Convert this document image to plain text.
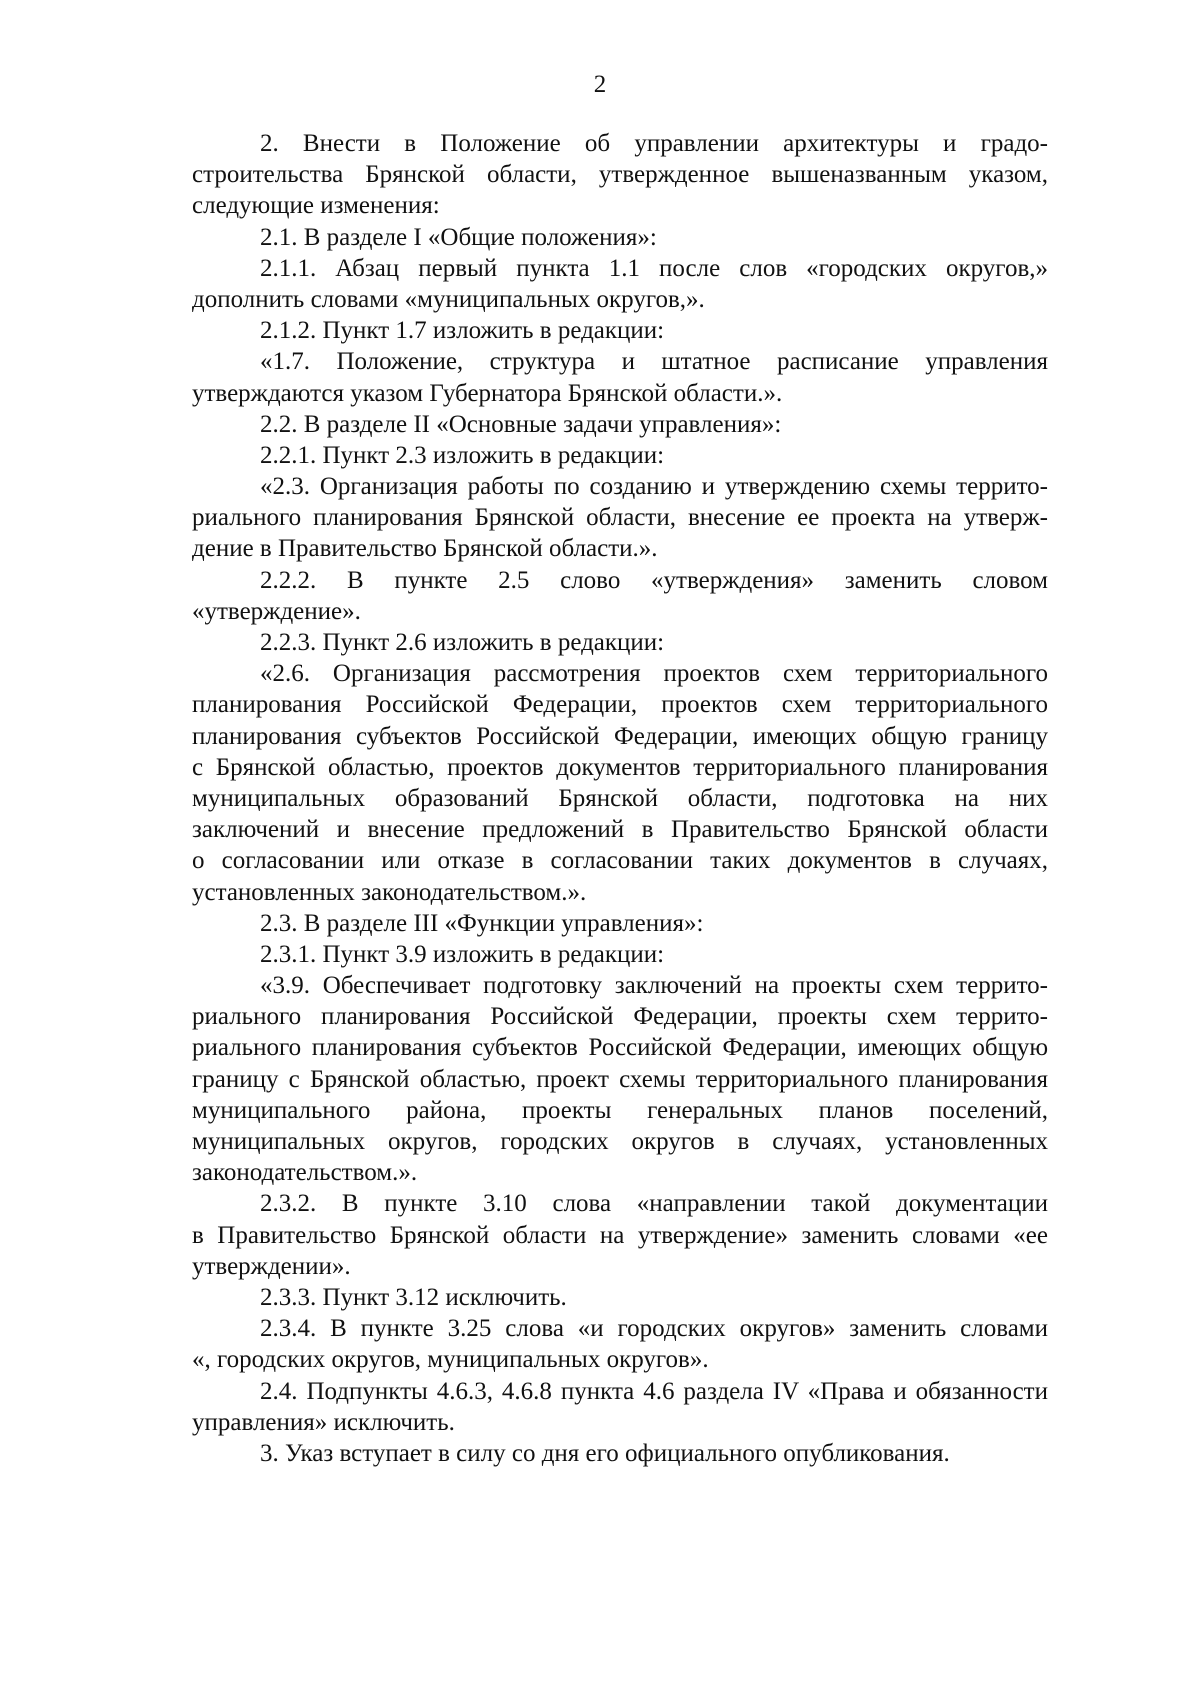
2
2. Внести в Положение об управлении архитектуры и градо-
строительства Брянской области, утвержденное вышеназванным указом,
следующие изменения:
2.1. В разделе I «Общие положения»:
2.1.1. Абзац первый пункта 1.1 после слов «городских округов,»
дополнить словами «муниципальных округов,».
2.1.2. Пункт 1.7 изложить в редакции:
«1.7. Положение, структура и штатное расписание управления
утверждаются указом Губернатора Брянской области.».
2.2. В разделе II «Основные задачи управления»:
2.2.1. Пункт 2.3 изложить в редакции:
«2.3. Организация работы по созданию и утверждению схемы террито-
риального планирования Брянской области, внесение ее проекта на утверж-
дение в Правительство Брянской области.».
2.2.2. В пункте 2.5 слово «утверждения» заменить словом
«утверждение».
2.2.3. Пункт 2.6 изложить в редакции:
«2.6. Организация рассмотрения проектов схем территориального
планирования Российской Федерации, проектов схем территориального
планирования субъектов Российской Федерации, имеющих общую границу
с Брянской областью, проектов документов территориального планирования
муниципальных образований Брянской области, подготовка на них
заключений и внесение предложений в Правительство Брянской области
о согласовании или отказе в согласовании таких документов в случаях,
установленных законодательством.».
2.3. В разделе III «Функции управления»:
2.3.1. Пункт 3.9 изложить в редакции:
«3.9. Обеспечивает подготовку заключений на проекты схем террито-
риального планирования Российской Федерации, проекты схем террито-
риального планирования субъектов Российской Федерации, имеющих общую
границу с Брянской областью, проект схемы территориального планирования
муниципального района, проекты генеральных планов поселений,
муниципальных округов, городских округов в случаях, установленных
законодательством.».
2.3.2. В пункте 3.10 слова «направлении такой документации
в Правительство Брянской области на утверждение» заменить словами «ее
утверждении».
2.3.3. Пункт 3.12 исключить.
2.3.4. В пункте 3.25 слова «и городских округов» заменить словами
«, городских округов, муниципальных округов».
2.4. Подпункты 4.6.3, 4.6.8 пункта 4.6 раздела IV «Права и обязанности
управления» исключить.
3. Указ вступает в силу со дня его официального опубликования.
